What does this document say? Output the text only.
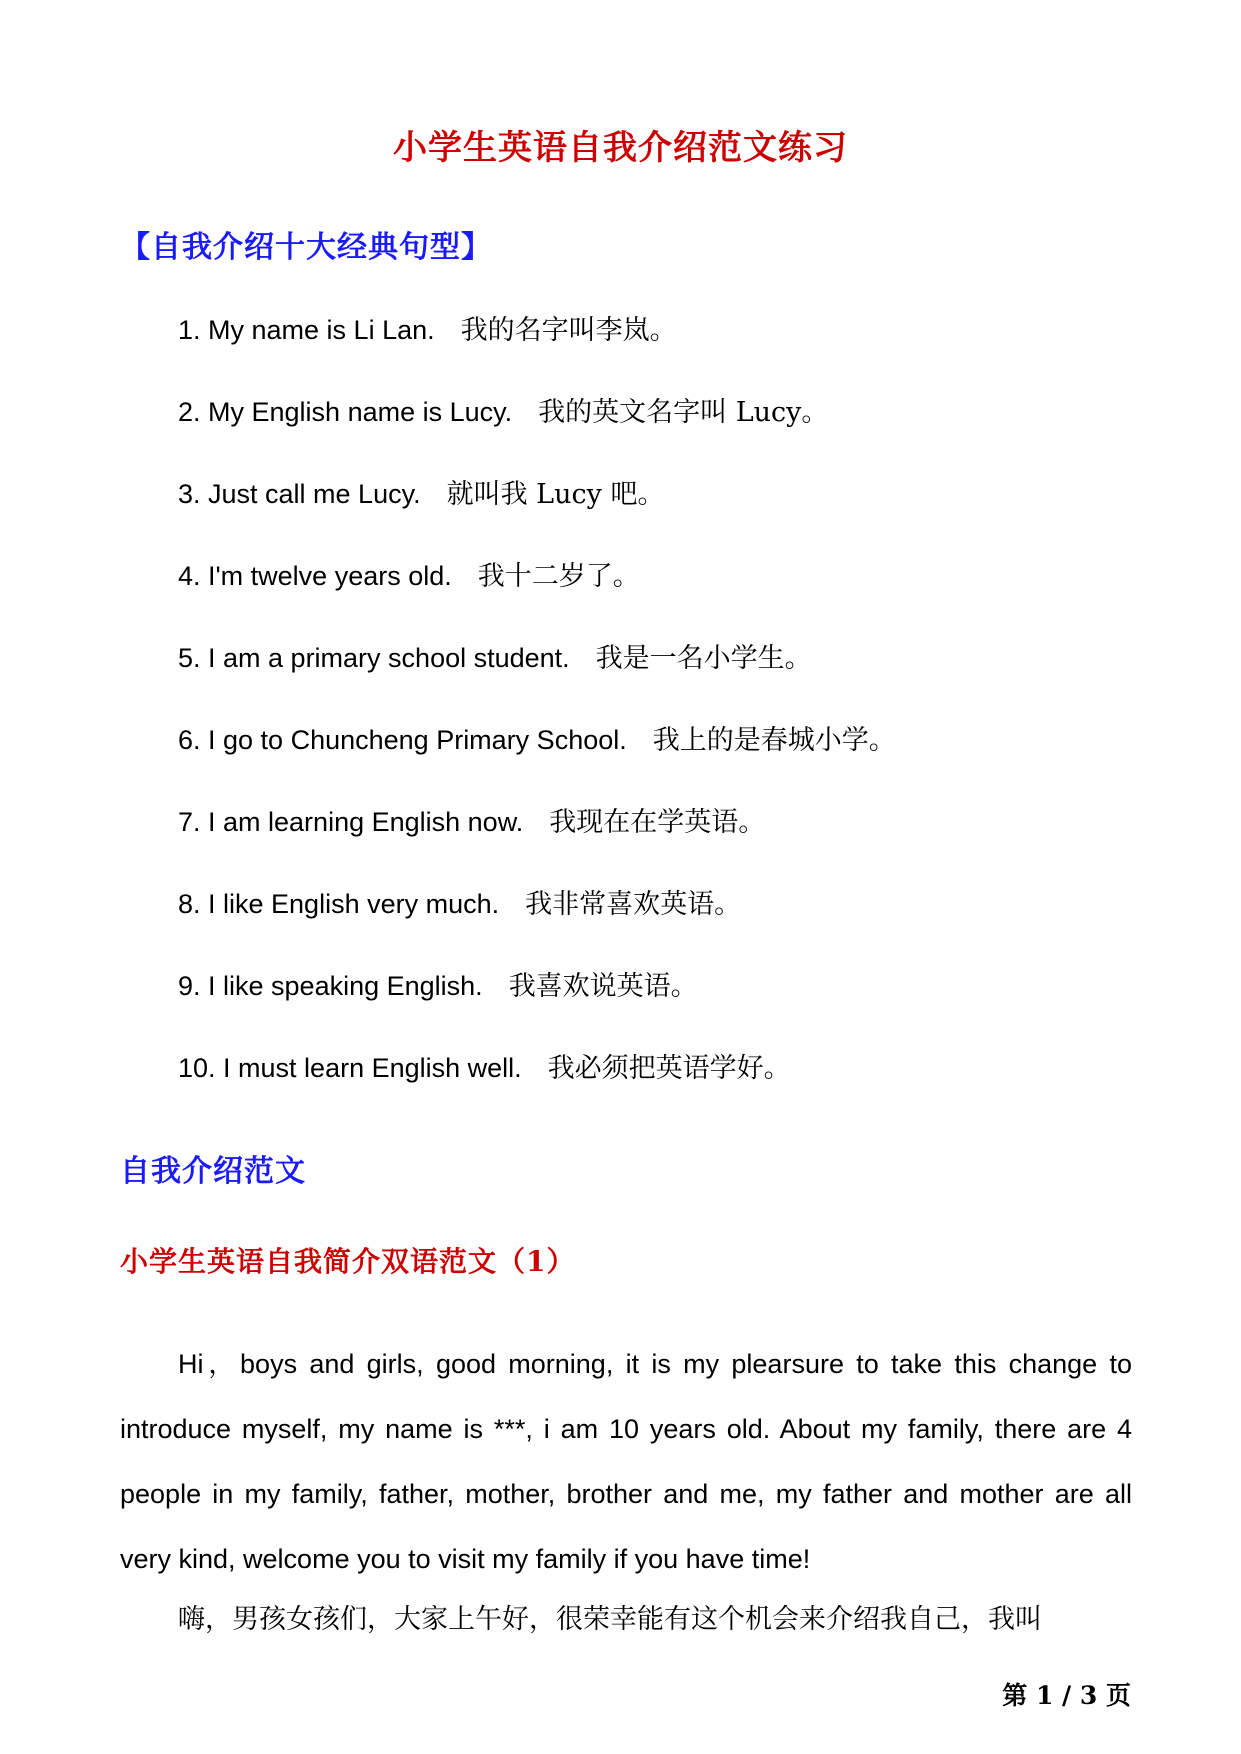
小学生英语自我介绍范文练习
【自我介绍十大经典句型】
1. My name is Li Lan. 我的名字叫李岚。
2. My English name is Lucy. 我的英文名字叫 Lucy。
3. Just call me Lucy. 就叫我 Lucy 吧。
4. I'm twelve years old. 我十二岁了。
5. I am a primary school student. 我是一名小学生。
6. I go to Chuncheng Primary School. 我上的是春城小学。
7. I am learning English now. 我现在在学英语。
8. I like English very much. 我非常喜欢英语。
9. I like speaking English. 我喜欢说英语。
10. I must learn English well. 我必须把英语学好。
自我介绍范文
小学生英语自我简介双语范文（1）

Hi，boys and girls, good morning, it is my plearsure to take this change to introduce myself, my name is ***, i am 10 years old. About my family, there are 4 people in my family, father, mother, brother and me, my father and mother are all very kind, welcome you to visit my family if you have time!

嗨，男孩女孩们，大家上午好，很荣幸能有这个机会来介绍我自己，我叫

第 1 / 3 页
